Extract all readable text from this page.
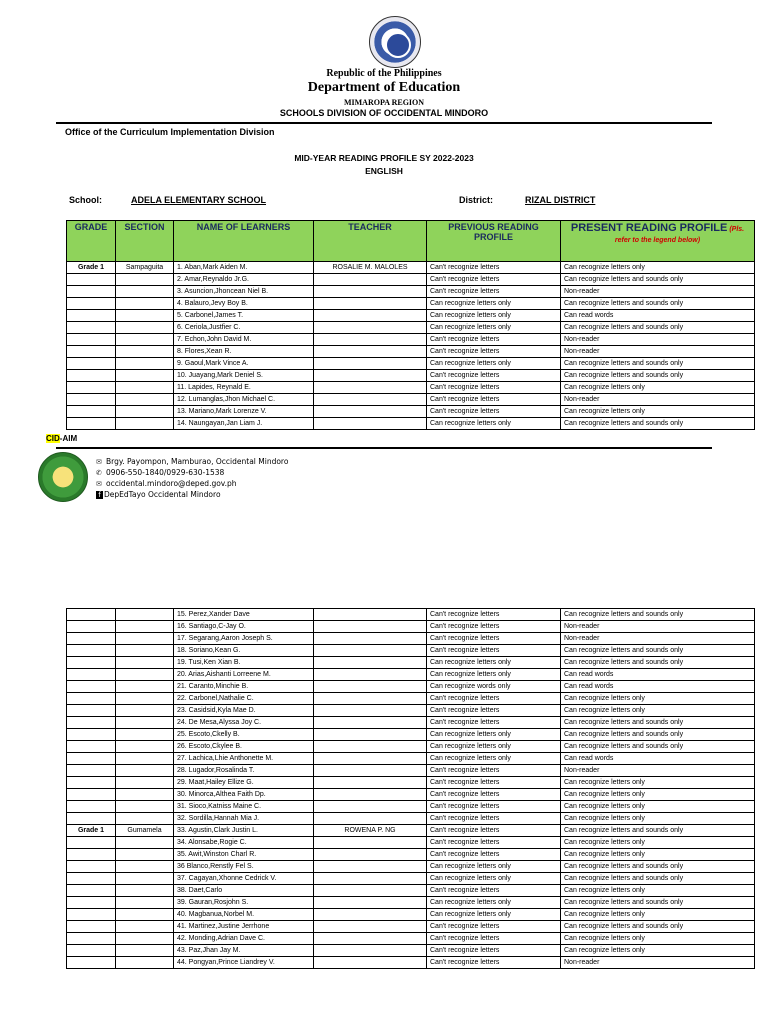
Republic of the Philippines
Department of Education
MIMAROPA REGION
SCHOOLS DIVISION OF OCCIDENTAL MINDORO
Office of the Curriculum Implementation Division
MID-YEAR READING PROFILE SY 2022-2023
ENGLISH
School:	ADELA ELEMENTARY SCHOOL	District:	RIZAL DISTRICT
GRADE	SECTION	NAME OF LEARNERS	TEACHER	PREVIOUS READING PROFILE	PRESENT READING PROFILE (Pls. refer to the legend below)
Grade 1	Sampaguita	1. Aban,Mark Aiden M.	ROSALIE M. MALOLES	Can't recognize letters	Can recognize letters only
		2. Amar,Reynaldo Jr.G.		Can't recognize letters	Can recognize letters and sounds only
		3. Asuncion,Jhoncean Niel B.		Can't recognize letters	Non-reader
		4. Balauro,Jevy Boy B.		Can recognize letters only	Can recognize letters and sounds only
		5. Carbonel,James T.		Can recognize letters only	Can read words
		6. Ceriola,Justfier C.		Can recognize letters only	Can recognize letters and sounds only
		7. Echon,John David M.		Can't recognize letters	Non-reader
		8. Flores,Xean R.		Can't recognize letters	Non-reader
		9. Gaoul,Mark Vince A.		Can recognize letters only	Can recognize letters and sounds only
		10. Juayang,Mark Deniel S.		Can't recognize letters	Can recognize letters and sounds only
		11. Lapides, Reynald E.		Can't recognize letters	Can recognize letters only
		12. Lumanglas,Jhon Michael C.		Can't recognize letters	Non-reader
		13. Mariano,Mark Lorenze V.		Can't recognize letters	Can recognize letters only
		14. Naungayan,Jan Liam J.		Can recognize letters only	Can recognize letters and sounds only
CID-AIM
✉ Brgy. Payompon, Mamburao, Occidental Mindoro
✆ 0906-550-1840/0929-630-1538
✉ occidental.mindoro@deped.gov.ph
f DepEdTayo Occidental Mindoro
		15. Perez,Xander Dave		Can't recognize letters	Can recognize letters and sounds only
		16. Santiago,C-Jay O.		Can't recognize letters	Non-reader
		17. Segarang,Aaron Joseph S.		Can't recognize letters	Non-reader
		18. Soriano,Kean G.		Can't recognize letters	Can recognize letters and sounds only
		19. Tusi,Ken Xian B.		Can recognize letters only	Can recognize letters and sounds only
		20. Arias,Aishanti Lorreene M.		Can recognize letters only	Can read words
		21. Caranto,Minchie B.		Can recognize words only	Can read words
		22. Carbonel,Nathalie C.		Can't recognize letters	Can recognize letters only
		23. Casidsid,Kyla Mae D.		Can't recognize letters	Can recognize letters only
		24. De Mesa,Alyssa Joy C.		Can't recognize letters	Can recognize letters and sounds only
		25. Escoto,Ckelly B.		Can recognize letters only	Can recognize letters and sounds only
		26. Escoto,Ckylee B.		Can recognize letters only	Can recognize letters and sounds only
		27. Lachica,Lhie Anthonette M.		Can recognize letters only	Can read words
		28. Lugador,Rosalinda T.		Can't recognize letters	Non-reader
		29. Maat,Hailey Ellize G.		Can't recognize letters	Can recognize letters only
		30. Minorca,Althea Faith Dp.		Can't recognize letters	Can recognize letters only
		31. Sioco,Katniss Maine C.		Can't recognize letters	Can recognize letters only
		32. Sordilla,Hannah Mia J.		Can't recognize letters	Can recognize letters only
Grade 1	Gumamela	33. Agustin,Clark Justin L.	ROWENA P. NG	Can't recognize letters	Can recognize letters and sounds only
		34. Alonsabe,Rogie C.		Can't recognize letters	Can recognize letters only
		35. Awit,Winston Charl R.		Can't recognize letters	Can recognize letters only
		36 Blanco,Renstly Fel S.		Can recognize letters only	Can recognize letters and sounds only
		37. Cagayan,Xhonne Cedrick V.		Can recognize letters only	Can recognize letters and sounds only
		38. Daet,Carlo		Can't recognize letters	Can recognize letters only
		39. Gauran,Rosjohn S.		Can recognize letters only	Can recognize letters and sounds only
		40. Magbanua,Norbel M.		Can recognize letters only	Can recognize letters only
		41. Martinez,Justine Jerrhone		Can't recognize letters	Can recognize letters and sounds only
		42. Monding,Adrian Dave C.		Can't recognize letters	Can recognize letters only
		43. Paz,Jhan Jay M.		Can't recognize letters	Can recognize letters only
		44. Pongyan,Prince Liandrey V.		Can't recognize letters	Non-reader
